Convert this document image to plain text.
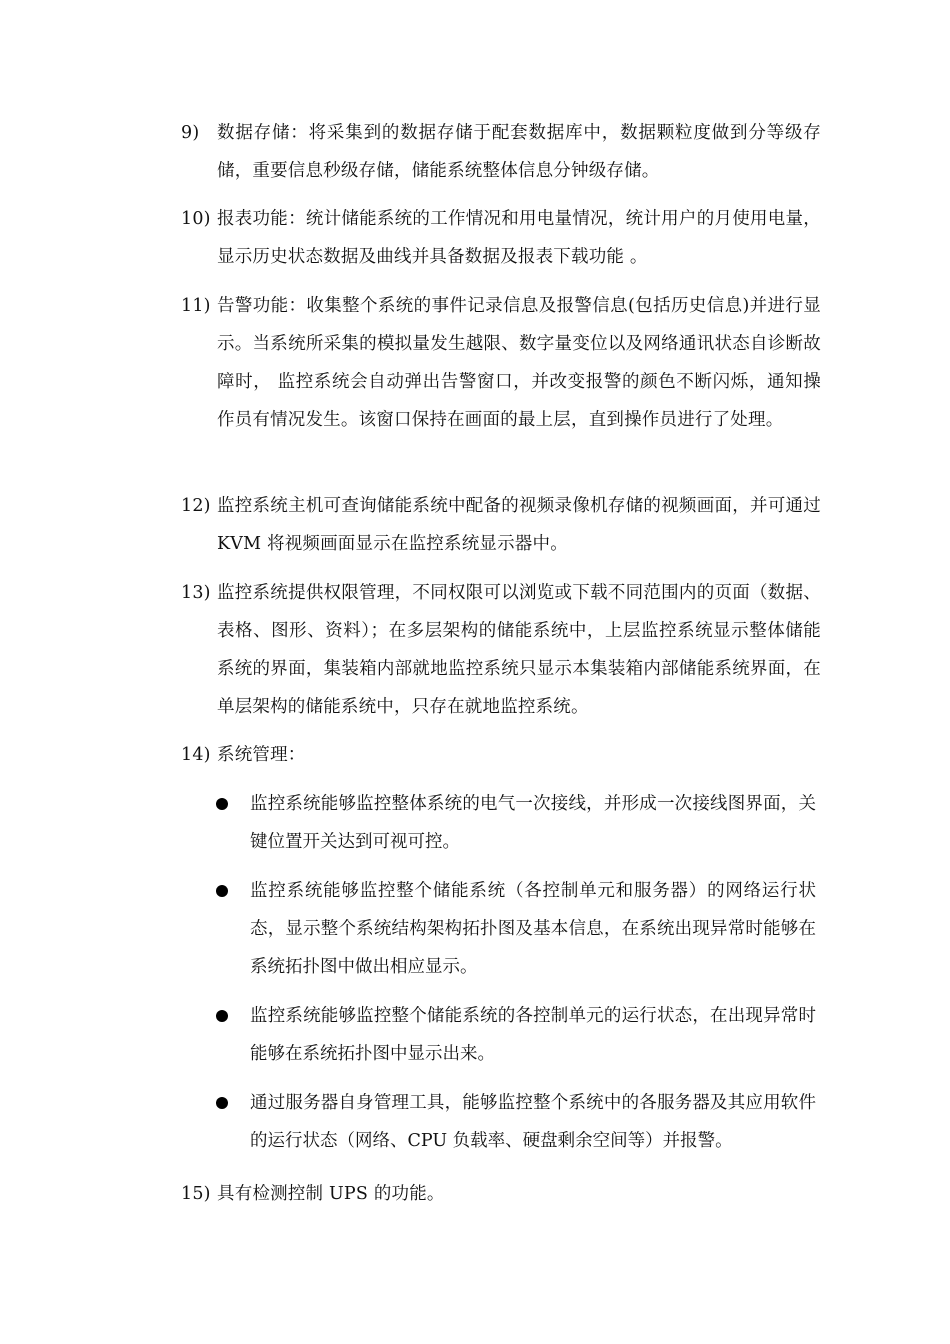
9)	数据存储：将采集到的数据存储于配套数据库中，数据颗粒度做到分等级存储，重要信息秒级存储，储能系统整体信息分钟级存储。
10) 报表功能：统计储能系统的工作情况和用电量情况，统计用户的月使用电量，显示历史状态数据及曲线并具备数据及报表下载功能 。
11) 告警功能：收集整个系统的事件记录信息及报警信息(包括历史信息)并进行显示。当系统所采集的模拟量发生越限、数字量变位以及网络通讯状态自诊断故障时， 监控系统会自动弹出告警窗口，并改变报警的颜色不断闪烁，通知操作员有情况发生。该窗口保持在画面的最上层，直到操作员进行了处理。
12) 监控系统主机可查询储能系统中配备的视频录像机存储的视频画面，并可通过 KVM 将视频画面显示在监控系统显示器中。
13) 监控系统提供权限管理，不同权限可以浏览或下载不同范围内的页面（数据、表格、图形、资料）；在多层架构的储能系统中，上层监控系统显示整体储能系统的界面，集装箱内部就地监控系统只显示本集装箱内部储能系统界面，在单层架构的储能系统中，只存在就地监控系统。
14) 系统管理：
监控系统能够监控整体系统的电气一次接线，并形成一次接线图界面，关键位置开关达到可视可控。
监控系统能够监控整个储能系统（各控制单元和服务器）的网络运行状态，显示整个系统结构架构拓扑图及基本信息，在系统出现异常时能够在系统拓扑图中做出相应显示。
监控系统能够监控整个储能系统的各控制单元的运行状态，在出现异常时能够在系统拓扑图中显示出来。
通过服务器自身管理工具，能够监控整个系统中的各服务器及其应用软件的运行状态（网络、CPU 负载率、硬盘剩余空间等）并报警。
15) 具有检测控制 UPS 的功能。
